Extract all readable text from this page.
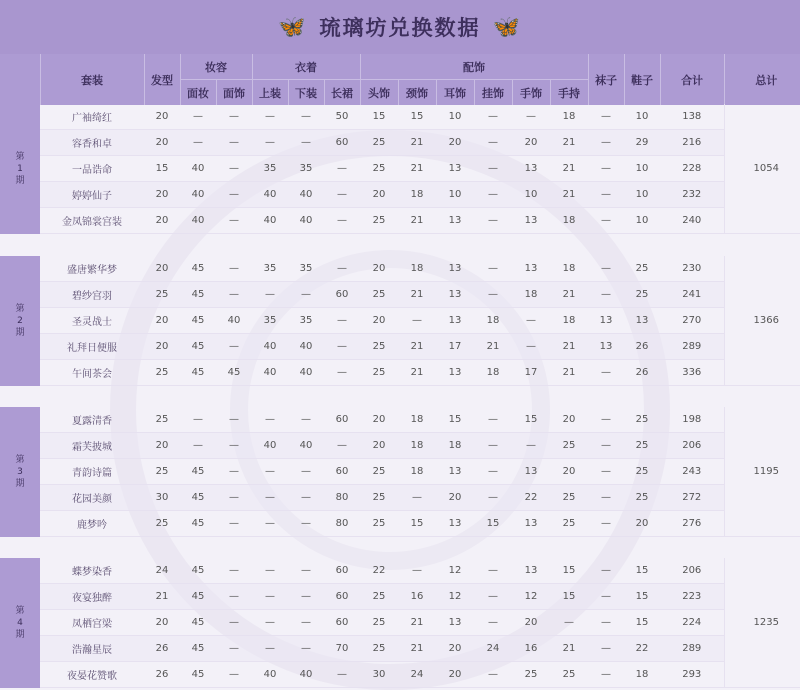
🦋 琉璃坊兑换数据 🦋
	套装	发型	妆容		衣着			配饰						袜子	鞋子	合计	总计
			面妆	面饰	上装	下装	长裙	头饰	颈饰	耳饰	挂饰	手饰	手持				
第
1
期	广袖绮红	20	—	—	—	—	50	15	15	10	—	—	18	—	10	138	1054
	容香和卓	20	—	—	—	—	60	25	21	20	—	20	21	—	29	216	
	一品诰命	15	40	—	35	35	—	25	21	13	—	13	21	—	10	228	
	婷婷仙子	20	40	—	40	40	—	20	18	10	—	10	21	—	10	232	
	金凤锦裳宫装	20	40	—	40	40	—	25	21	13	—	13	18	—	10	240	
第
2
期	盛唐繁华梦	20	45	—	35	35	—	20	18	13	—	13	18	—	25	230	1366
	碧纱宫羽	25	45	—	—	—	60	25	21	13	—	18	21	—	25	241	
	圣灵战士	20	45	40	35	35	—	20	—	13	18	—	18	13	13	270	
	礼拜日便服	20	45	—	40	40	—	25	21	17	21	—	21	13	26	289	
	午间茶会	25	45	45	40	40	—	25	21	13	18	17	21	—	26	336	
第
3
期	夏露清香	25	—	—	—	—	60	20	18	15	—	15	20	—	25	198	1195
	霜芙披城	20	—	—	40	40	—	20	18	18	—	—	25	—	25	206	
	青韵诗篇	25	45	—	—	—	60	25	18	13	—	13	20	—	25	243	
	花园美颜	30	45	—	—	—	80	25	—	20	—	22	25	—	25	272	
	鹿梦吟	25	45	—	—	—	80	25	15	13	15	13	25	—	20	276	
第
4
期	蝶梦染香	24	45	—	—	—	60	22	—	12	—	13	15	—	15	206	1235
	夜宴独醉	21	45	—	—	—	60	25	16	12	—	12	15	—	15	223	
	凤栖宫梁	20	45	—	—	—	60	25	21	13	—	20	—	—	15	224	
	浩瀚星辰	26	45	—	—	—	70	25	21	20	24	16	21	—	22	289	
	夜晏花赞歌	26	45	—	40	40	—	30	24	20	—	25	25	—	18	293	
